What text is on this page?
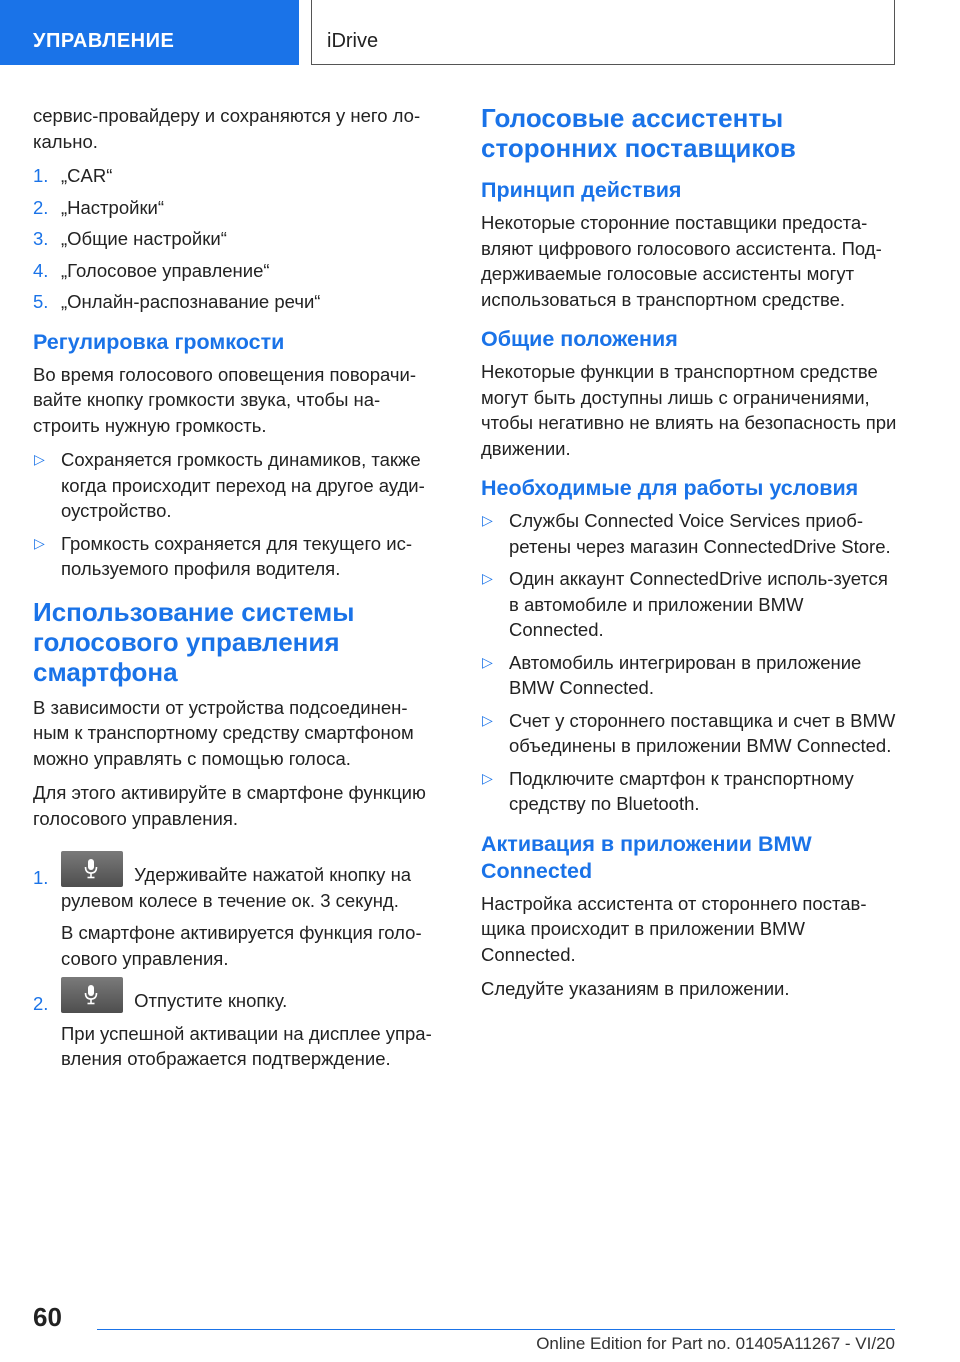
УПРАВЛЕНИЕ	iDrive

сервис-провайдеру и сохраняются у него ло-кально.

1. „CAR“
2. „Настройки“
3. „Общие настройки“
4. „Голосовое управление“
5. „Онлайн-распознавание речи“
Регулировка громкости

Во время голосового оповещения поворачи-вайте кнопку громкости звука, чтобы на-строить нужную громкость.

▷ Сохраняется громкость динамиков, также когда происходит переход на другое ауди-оустройство.
▷ Громкость сохраняется для текущего ис-пользуемого профиля водителя.
Использование системы голосового управления смартфона

В зависимости от устройства подсоединен-ным к транспортному средству смартфоном можно управлять с помощью голоса.

Для этого активируйте в смартфоне функцию голосового управления.

1.	Удерживайте нажатой кнопку на рулевом колесе в течение ок. 3 секунд.
В смартфоне активируется функция голо-сового управления.
2.	Отпустите кнопку.
При успешной активации на дисплее упра-вления отображается подтверждение.
Голосовые ассистенты сторонних поставщиков
Принцип действия

Некоторые сторонние поставщики предоста-вляют цифрового голосового ассистента. Под-держиваемые голосовые ассистенты могут использоваться в транспортном средстве.

Общие положения

Некоторые функции в транспортном средстве могут быть доступны лишь с ограничениями, чтобы негативно не влиять на безопасность при движении.

Необходимые для работы условия
▷ Службы Connected Voice Services приоб-ретены через магазин ConnectedDrive Store.
▷ Один аккаунт ConnectedDrive исполь-зуется в автомобиле и приложении BMW Connected.
▷ Автомобиль интегрирован в приложение BMW Connected.
▷ Счет у стороннего поставщика и счет в BMW объединены в приложении BMW Connected.
▷ Подключите смартфон к транспортному средству по Bluetooth.
Активация в приложении BMW Connected

Настройка ассистента от стороннего постав-щика происходит в приложении BMW Connected.

Следуйте указаниям в приложении.

60
Online Edition for Part no. 01405A11267 - VI/20
